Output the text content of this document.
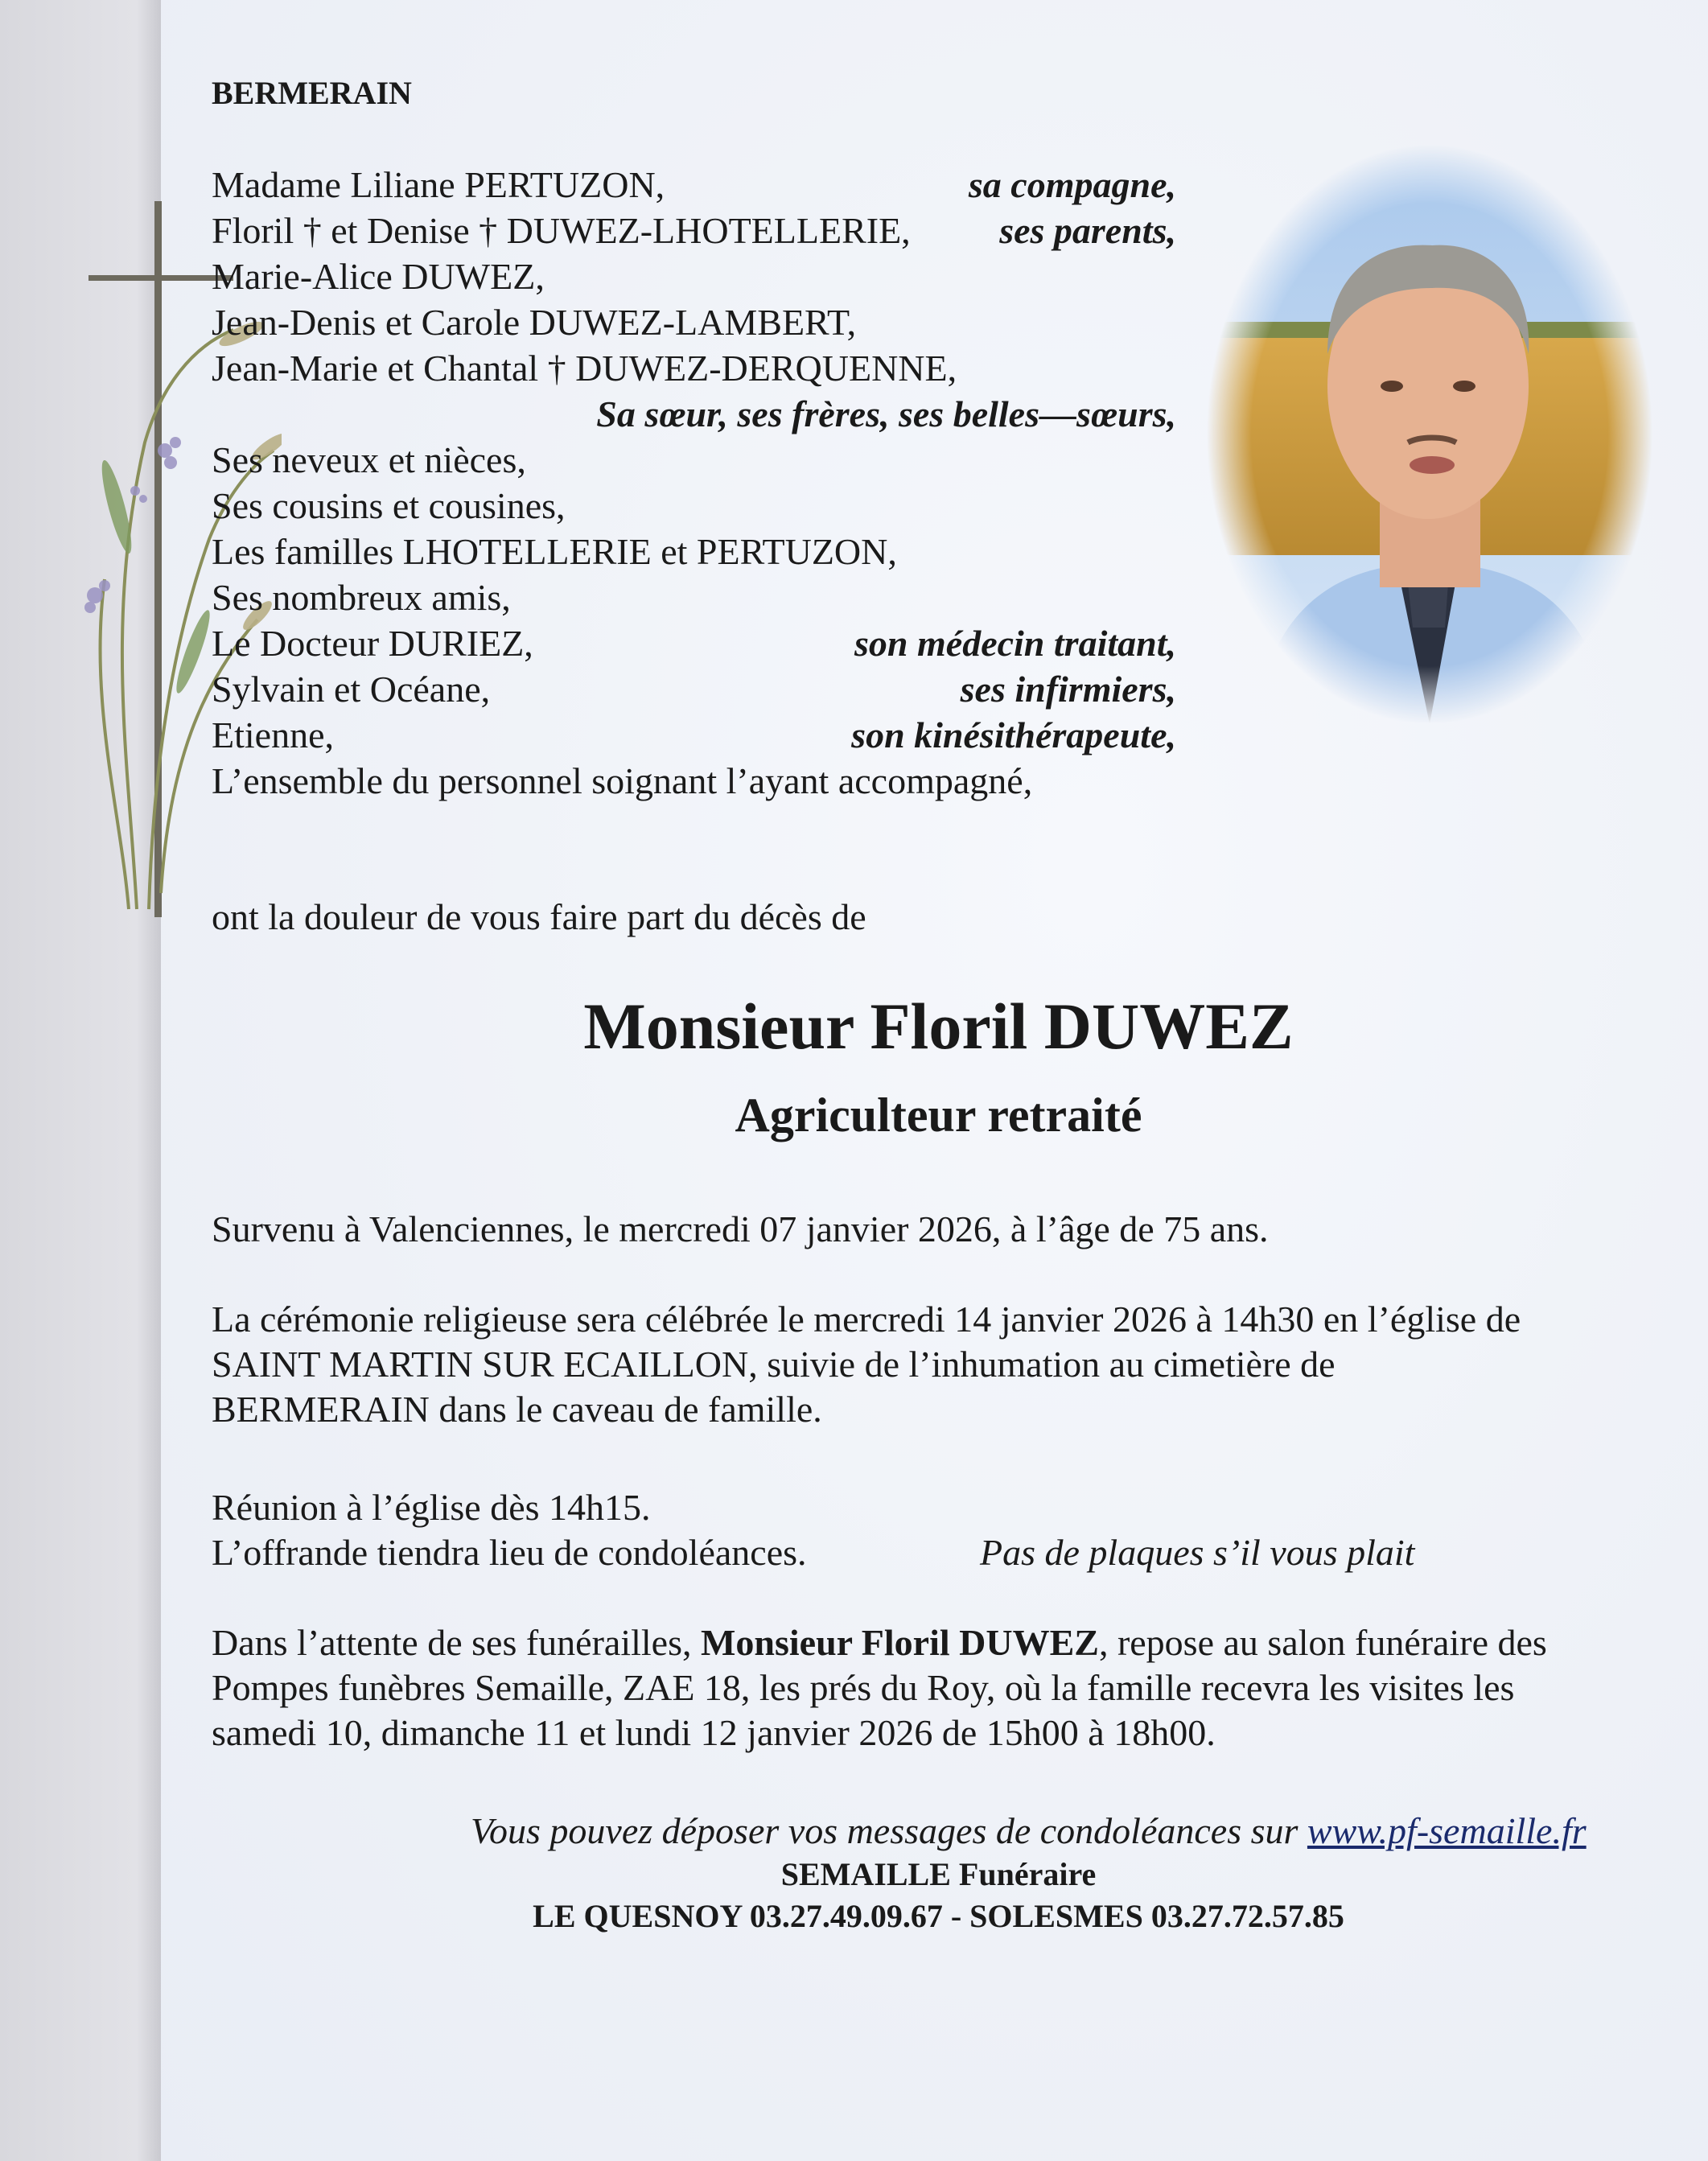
BERMERAIN
Madame Liliane PERTUZON,	sa compagne,
Floril † et Denise † DUWEZ-LHOTELLERIE,	ses parents,
Marie-Alice DUWEZ,
Jean-Denis et Carole DUWEZ-LAMBERT,
Jean-Marie et Chantal † DUWEZ-DERQUENNE,
Sa sœur, ses frères, ses belles—sœurs,
Ses neveux et nièces,
Ses cousins et cousines,
Les familles LHOTELLERIE et PERTUZON,
Ses nombreux amis,
Le Docteur DURIEZ,	son médecin traitant,
Sylvain et Océane,	ses infirmiers,
Etienne,	son kinésithérapeute,
L’ensemble du personnel soignant l’ayant accompagné,
ont la douleur de vous faire part du décès de
Monsieur Floril DUWEZ
Agriculteur retraité
Survenu à Valenciennes, le mercredi 07 janvier 2026, à l’âge de 75 ans.
La cérémonie religieuse sera célébrée le mercredi 14 janvier 2026 à 14h30 en l’église de
SAINT MARTIN SUR ECAILLON, suivie de l’inhumation au cimetière de
BERMERAIN dans le caveau de famille.
Réunion à l’église dès 14h15.
L’offrande tiendra lieu de condoléances.	Pas de plaques s’il vous plait
Dans l’attente de ses funérailles, Monsieur Floril DUWEZ, repose au salon funéraire des
Pompes funèbres Semaille, ZAE 18, les prés du Roy, où la famille recevra les visites les
samedi 10, dimanche 11 et lundi 12 janvier 2026 de 15h00 à 18h00.
Vous pouvez déposer vos messages de condoléances sur www.pf-semaille.fr
SEMAILLE Funéraire
LE QUESNOY 03.27.49.09.67 - SOLESMES 03.27.72.57.85
